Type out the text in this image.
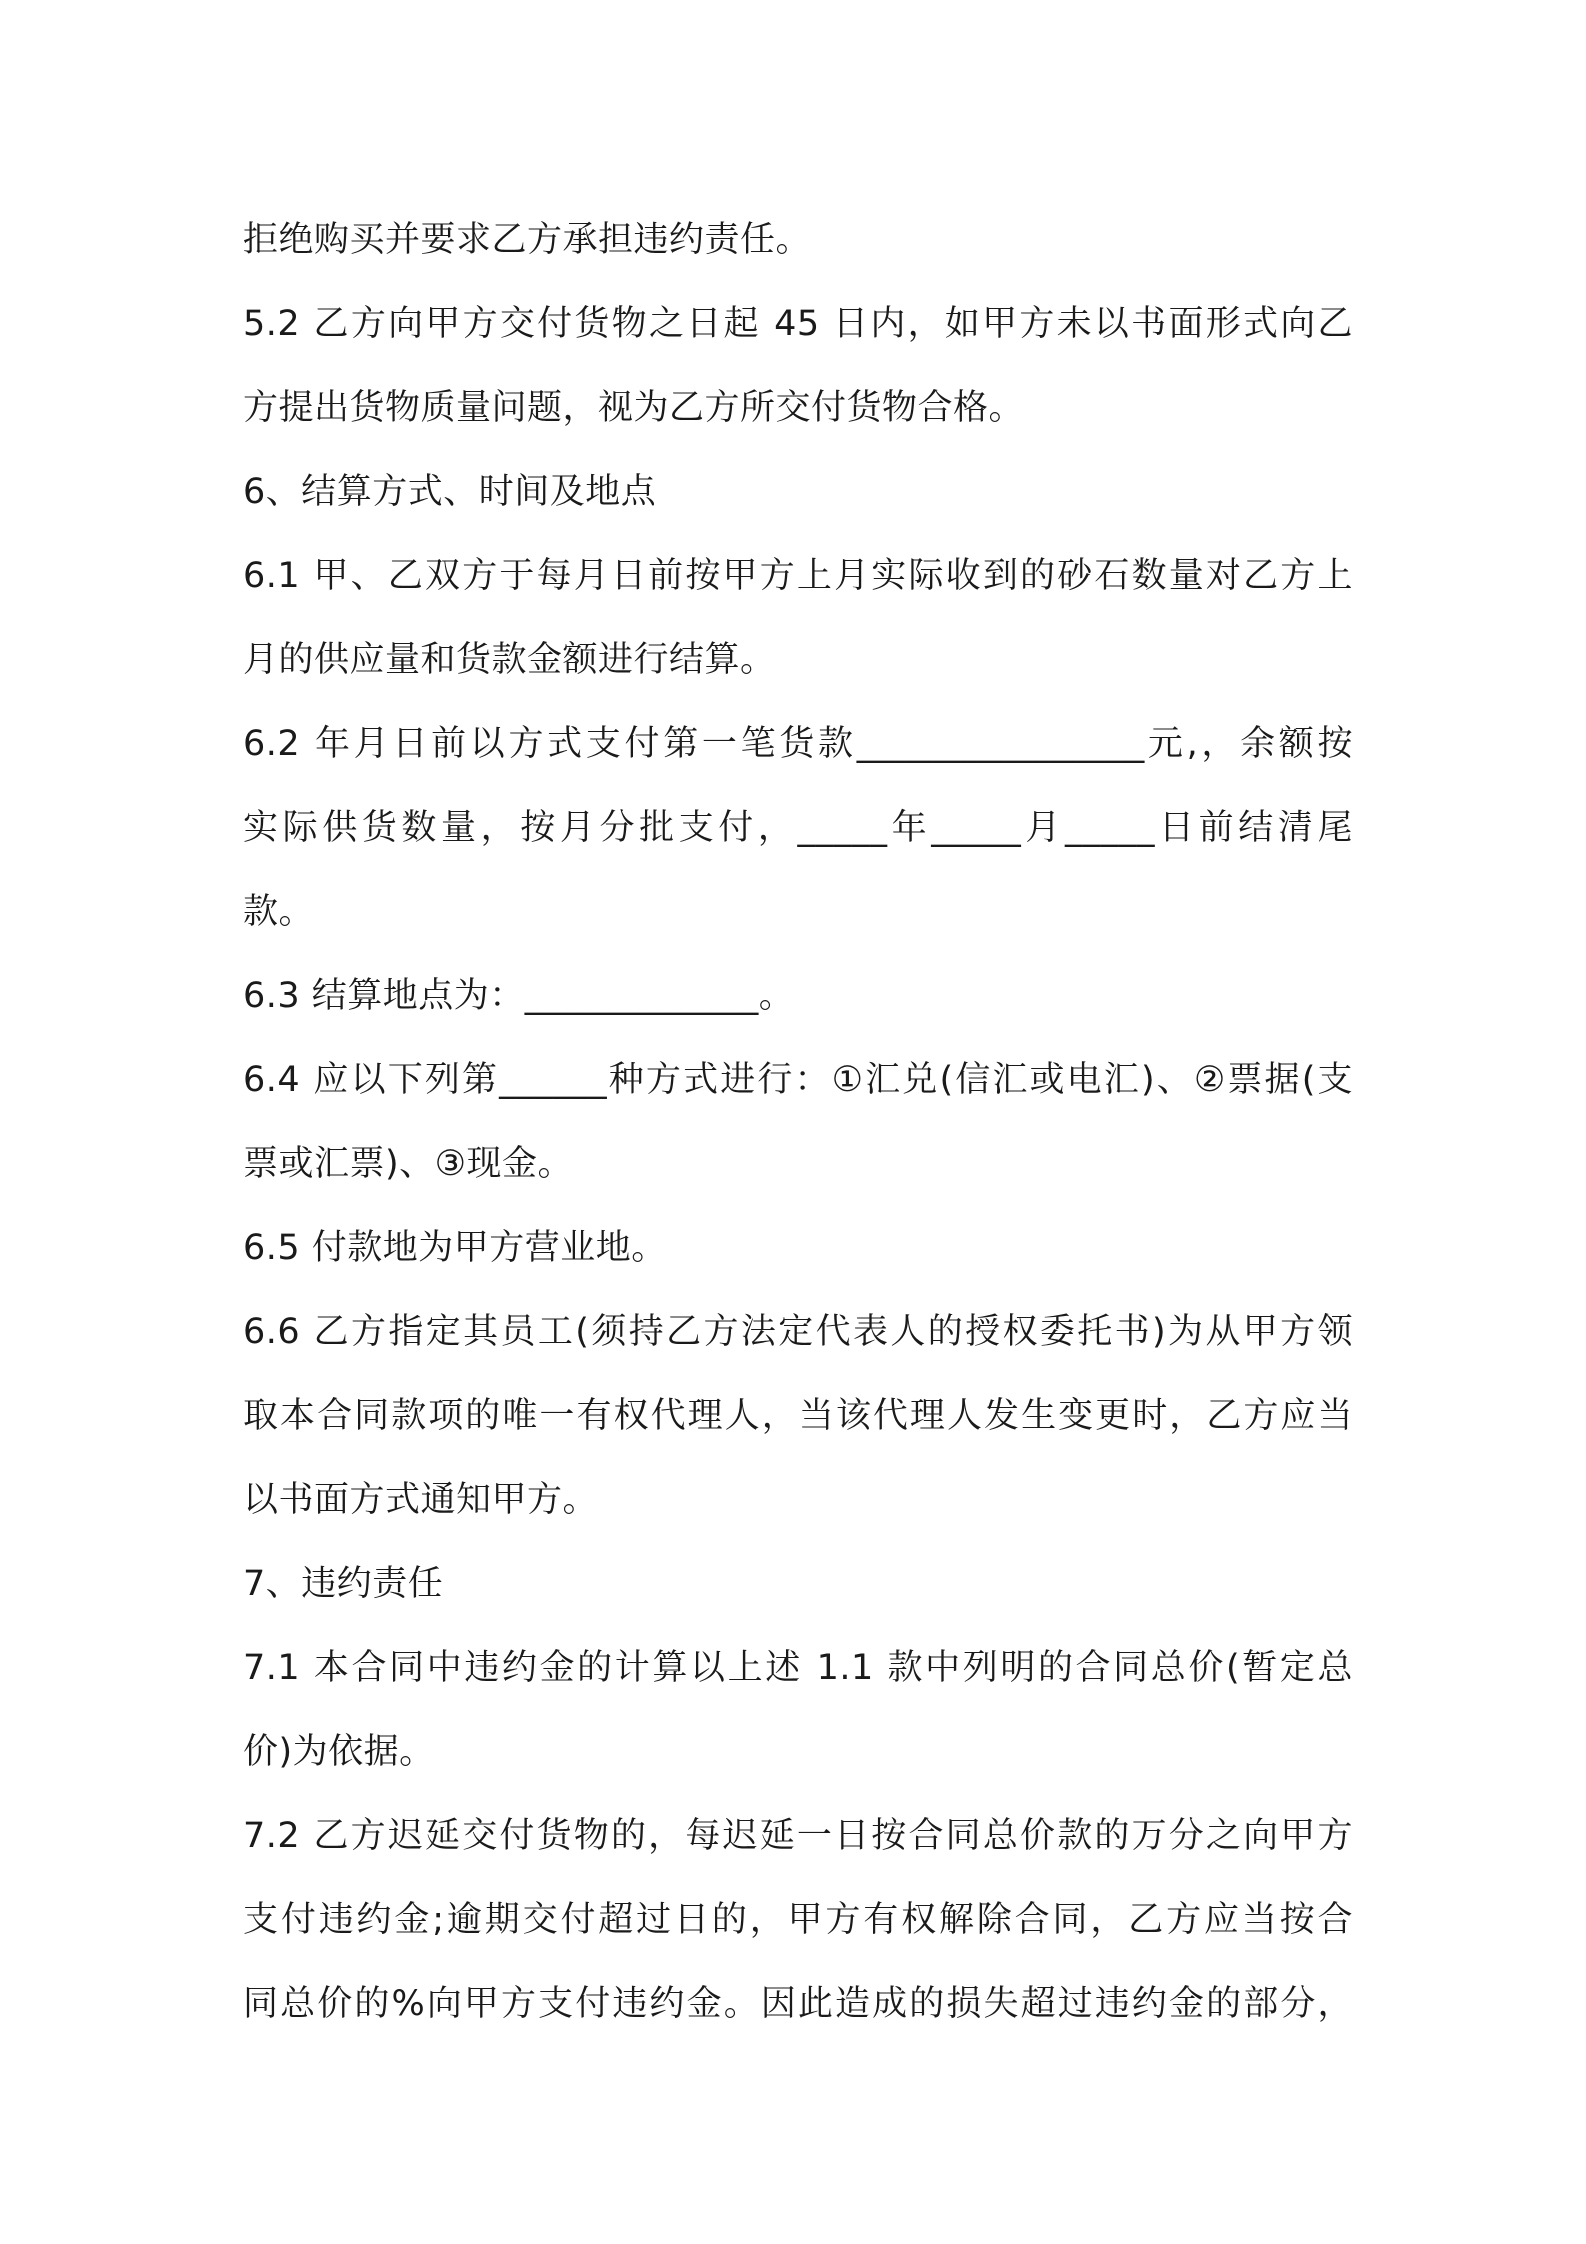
拒绝购买并要求乙方承担违约责任。
5.2 乙方向甲方交付货物之日起 45 日内，如甲方未以书面形式向乙
方提出货物质量问题，视为乙方所交付货物合格。
6、结算方式、时间及地点
6.1 甲、乙双方于每月日前按甲方上月实际收到的砂石数量对乙方上
月的供应量和货款金额进行结算。
6.2 年月日前以方式支付第一笔货款________________元,，余额按
实际供货数量，按月分批支付，_____年_____月_____日前结清尾
款。
6.3 结算地点为：_____________。
6.4 应以下列第______种方式进行：①汇兑(信汇或电汇)、②票据(支
票或汇票)、③现金。
6.5 付款地为甲方营业地。
6.6 乙方指定其员工(须持乙方法定代表人的授权委托书)为从甲方领
取本合同款项的唯一有权代理人，当该代理人发生变更时，乙方应当
以书面方式通知甲方。
7、违约责任
7.1 本合同中违约金的计算以上述 1.1 款中列明的合同总价(暂定总
价)为依据。
7.2 乙方迟延交付货物的，每迟延一日按合同总价款的万分之向甲方
支付违约金;逾期交付超过日的，甲方有权解除合同，乙方应当按合
同总价的%向甲方支付违约金。因此造成的损失超过违约金的部分，
